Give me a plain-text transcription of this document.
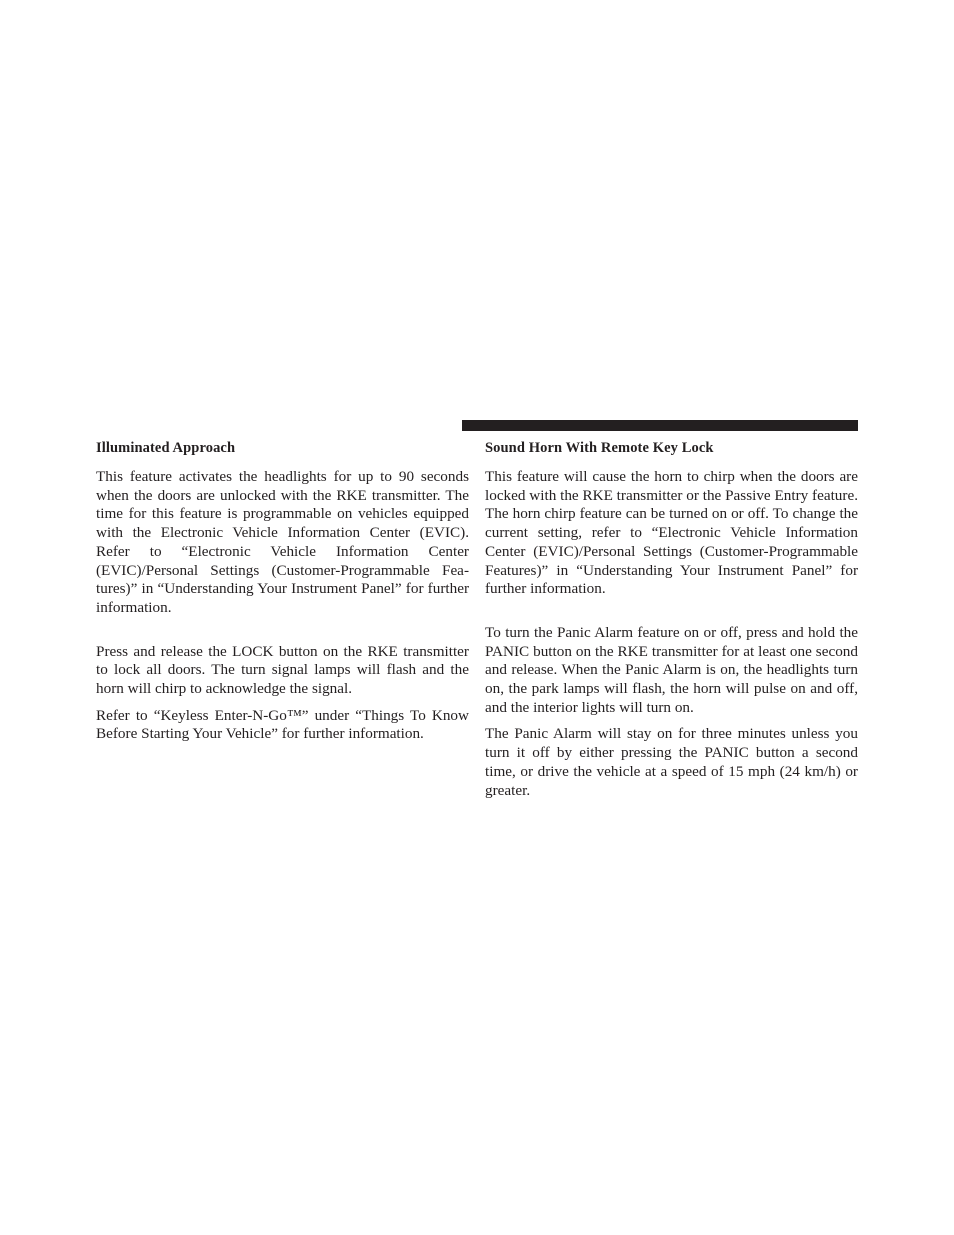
Illuminated Approach

This feature activates the headlights for up to 90 seconds when the doors are unlocked with the RKE transmitter. The time for this feature is programmable on vehicles equipped with the Electronic Vehicle Information Center (EVIC). Refer to “Electronic Vehicle Information Center (EVIC)/Personal Settings (Customer-Programmable Features)” in “Understanding Your Instrument Panel” for further information.

Press and release the LOCK button on the RKE transmitter to lock all doors. The turn signal lamps will flash and the horn will chirp to acknowledge the signal.

Refer to “Keyless Enter-N-Go™” under “Things To Know Before Starting Your Vehicle” for further information.

Sound Horn With Remote Key Lock

This feature will cause the horn to chirp when the doors are locked with the RKE transmitter or the Passive Entry feature. The horn chirp feature can be turned on or off. To change the current setting, refer to “Electronic Vehicle Information Center (EVIC)/Personal Settings (Customer-Programmable Features)” in “Understanding Your Instrument Panel” for further information.

To turn the Panic Alarm feature on or off, press and hold the PANIC button on the RKE transmitter for at least one second and release. When the Panic Alarm is on, the headlights turn on, the park lamps will flash, the horn will pulse on and off, and the interior lights will turn on.

The Panic Alarm will stay on for three minutes unless you turn it off by either pressing the PANIC button a second time, or drive the vehicle at a speed of 15 mph (24 km/h) or greater.
